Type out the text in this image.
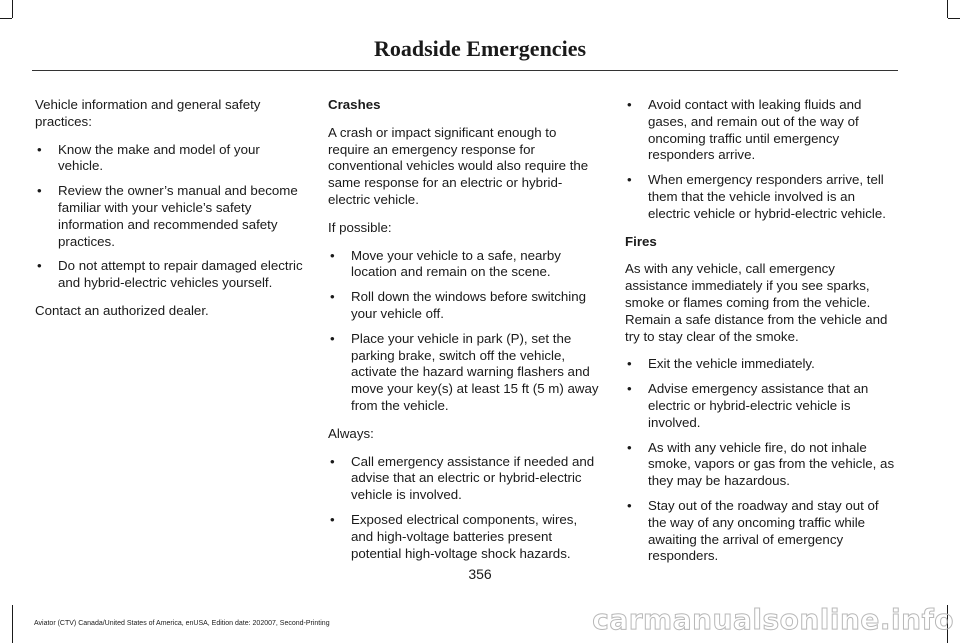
Roadside Emergencies

Vehicle information and general safety practices:

• Know the make and model of your vehicle.
• Review the owner’s manual and become familiar with your vehicle’s safety information and recommended safety practices.
• Do not attempt to repair damaged electric and hybrid-electric vehicles yourself.

Contact an authorized dealer.

Crashes

A crash or impact significant enough to require an emergency response for conventional vehicles would also require the same response for an electric or hybrid-electric vehicle.

If possible:

• Move your vehicle to a safe, nearby location and remain on the scene.
• Roll down the windows before switching your vehicle off.
• Place your vehicle in park (P), set the parking brake, switch off the vehicle, activate the hazard warning flashers and move your key(s) at least 15 ft (5 m) away from the vehicle.

Always:

• Call emergency assistance if needed and advise that an electric or hybrid-electric vehicle is involved.
• Exposed electrical components, wires, and high-voltage batteries present potential high-voltage shock hazards.
• Avoid contact with leaking fluids and gases, and remain out of the way of oncoming traffic until emergency responders arrive.
• When emergency responders arrive, tell them that the vehicle involved is an electric vehicle or hybrid-electric vehicle.

Fires

As with any vehicle, call emergency assistance immediately if you see sparks, smoke or flames coming from the vehicle. Remain a safe distance from the vehicle and try to stay clear of the smoke.

• Exit the vehicle immediately.
• Advise emergency assistance that an electric or hybrid-electric vehicle is involved.
• As with any vehicle fire, do not inhale smoke, vapors or gas from the vehicle, as they may be hazardous.
• Stay out of the roadway and stay out of the way of any oncoming traffic while awaiting the arrival of emergency responders.
356
Aviator (CTV) Canada/United States of America, enUSA, Edition date: 202007, Second-Printing	carmanualsonline.info
